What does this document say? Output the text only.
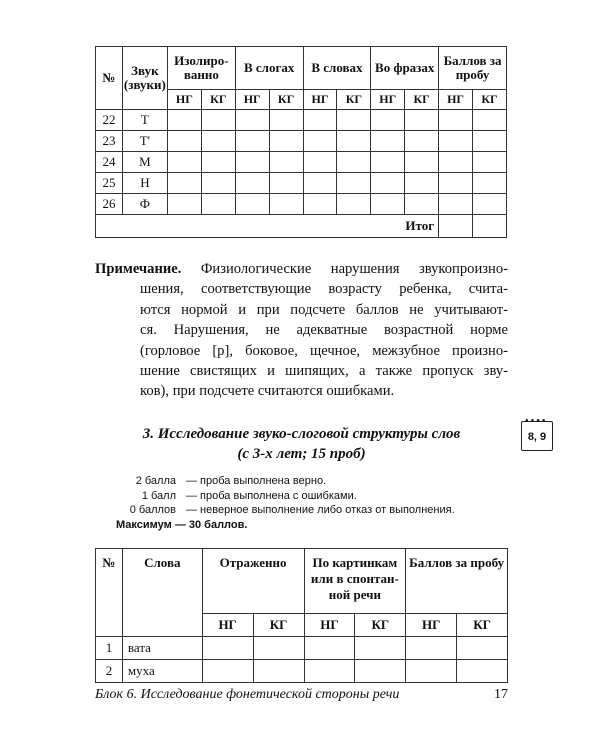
№	Звук (звуки)	Изолиро- ванно		В слогах		В словах		Во фразах		Баллов за пробу	
		НГ	КГ	НГ	КГ	НГ	КГ	НГ	КГ	НГ	КГ
22	Т										
23	Т'										
24	М										
25	Н										
26	Ф										
Итог											
Примечание. Физиологические нарушения звукопроизно-
шения, соответствующие возрасту ребенка, счита-
ются нормой и при подсчете баллов не учитывают-
ся. Нарушения, не адекватные возрастной норме
(горловое [р], боковое, щечное, межзубное произно-
шение свистящих и шипящих, а также пропуск зву-
ков), при подсчете считаются ошибками.
3. Исследование звуко-слоговой структуры слов
(с 3-х лет; 15 проб)
●●●●
8, 9
2 балла — проба выполнена верно.
1 балл — проба выполнена с ошибками.
0 баллов — неверное выполнение либо отказ от выполнения.
Максимум — 30 баллов.
№	Слова	Отраженно		По картинкам или в спонтан- ной речи		Баллов за пробу	
		НГ	КГ	НГ	КГ	НГ	КГ
1	вата						
2	муха						
Блок 6. Исследование фонетической стороны речи	17
